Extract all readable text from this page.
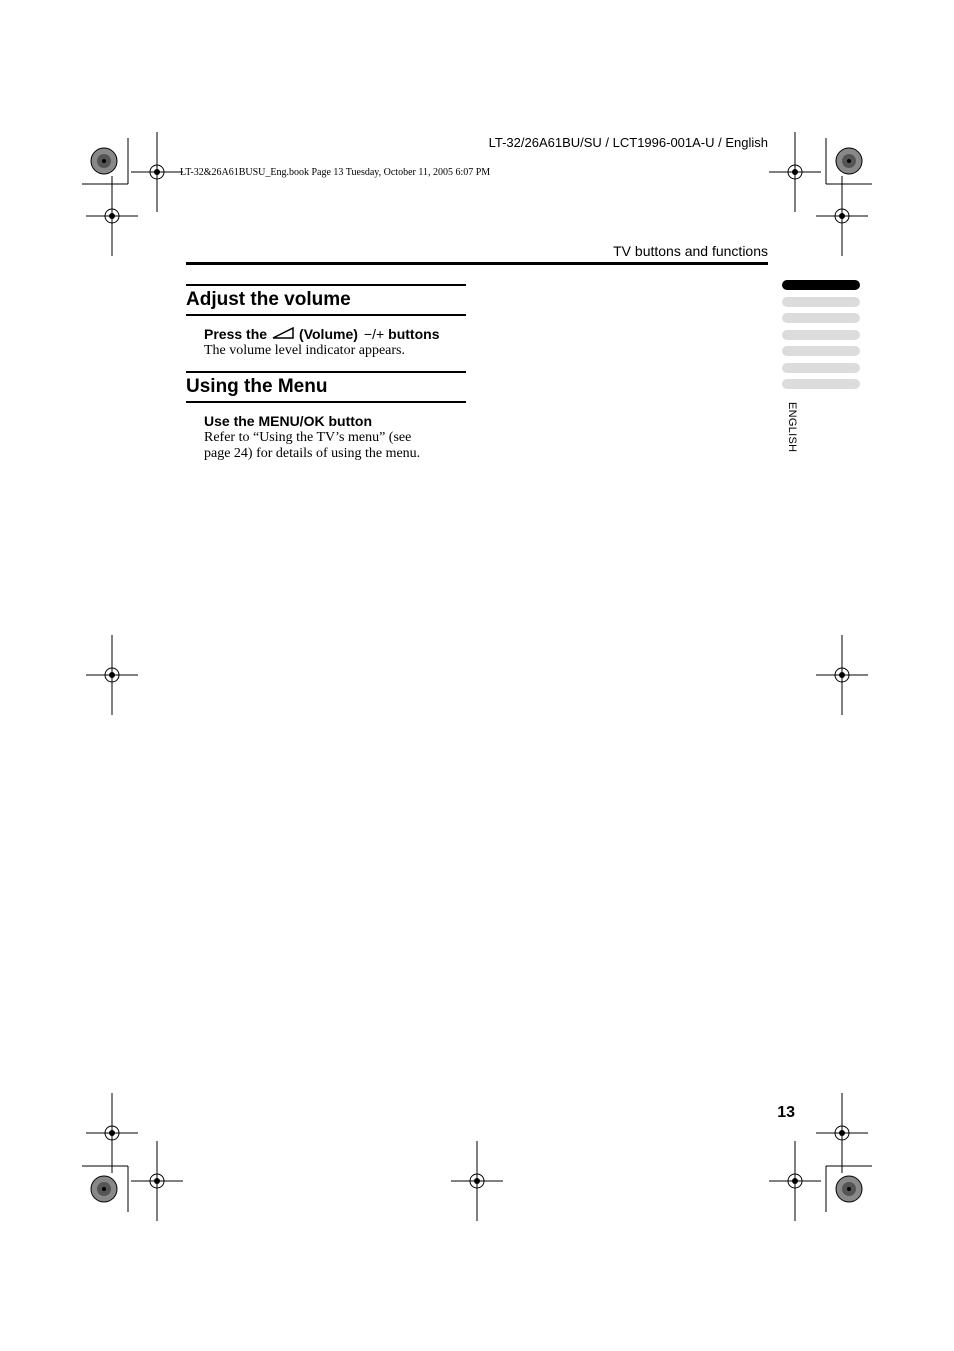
LT-32/26A61BU/SU / LCT1996-001A-U / English
LT-32&26A61BUSU_Eng.book Page 13 Tuesday, October 11, 2005 6:07 PM
TV buttons and functions
Adjust the volume
Press the (Volume) −/+ buttons
The volume level indicator appears.
Using the Menu
Use the MENU/OK button
Refer to “Using the TV’s menu” (see
page 24) for details of using the menu.
ENGLISH
13
